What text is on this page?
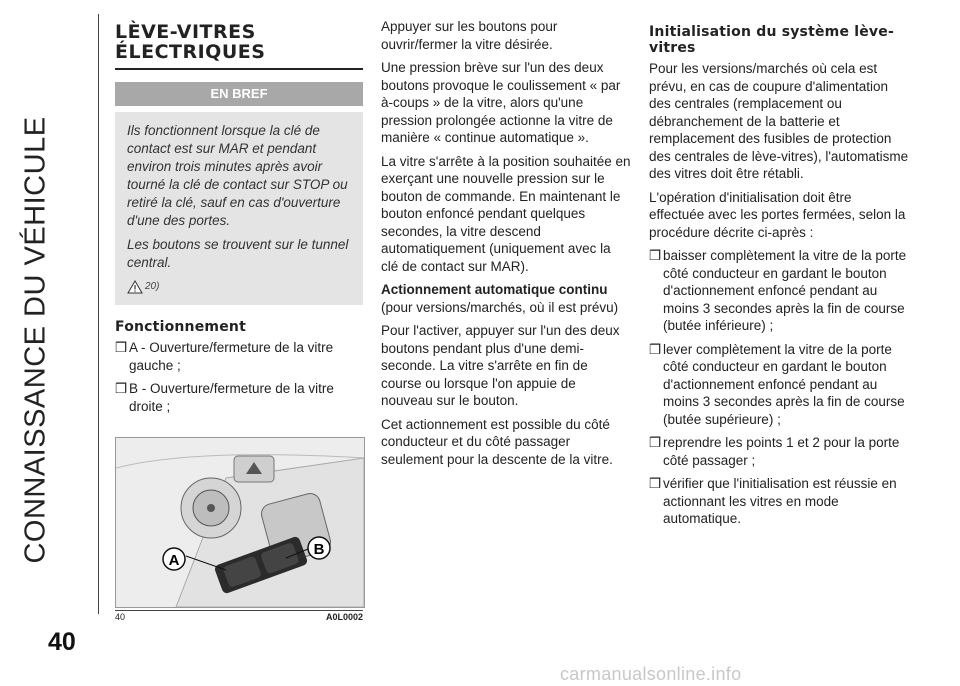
CONNAISSANCE DU VÉHICULE
40
LÈVE-VITRES
ÉLECTRIQUES
EN BREF

Ils fonctionnent lorsque la clé de contact est sur MAR et pendant environ trois minutes après avoir tourné la clé de contact sur STOP ou retiré la clé, sauf en cas d'ouverture d'une des portes.

Les boutons se trouvent sur le tunnel central.

20)
Fonctionnement
❒ A - Ouverture/fermeture de la vitre gauche ;
❒ B - Ouverture/fermeture de la vitre droite ;
A
B
40	A0L0002

Appuyer sur les boutons pour ouvrir/fermer la vitre désirée.

Une pression brève sur l'un des deux boutons provoque le coulissement « par à-coups » de la vitre, alors qu'une pression prolongée actionne la vitre de manière « continue automatique ».

La vitre s'arrête à la position souhaitée en exerçant une nouvelle pression sur le bouton de commande. En maintenant le bouton enfoncé pendant quelques secondes, la vitre descend automatiquement (uniquement avec la clé de contact sur MAR).

Actionnement automatique continu
(pour versions/marchés, où il est prévu)

Pour l'activer, appuyer sur l'un des deux boutons pendant plus d'une demi-seconde. La vitre s'arrête en fin de course ou lorsque l'on appuie de nouveau sur le bouton.

Cet actionnement est possible du côté conducteur et du côté passager seulement pour la descente de la vitre.

Initialisation du système lève-vitres

Pour les versions/marchés où cela est prévu, en cas de coupure d'alimentation des centrales (remplacement ou débranchement de la batterie et remplacement des fusibles de protection des centrales de lève-vitres), l'automatisme des vitres doit être rétabli.

L'opération d'initialisation doit être effectuée avec les portes fermées, selon la procédure décrite ci-après :

❒ baisser complètement la vitre de la porte côté conducteur en gardant le bouton d'actionnement enfoncé pendant au moins 3 secondes après la fin de course (butée inférieure) ;
❒ lever complètement la vitre de la porte côté conducteur en gardant le bouton d'actionnement enfoncé pendant au moins 3 secondes après la fin de course (butée supérieure) ;
❒ reprendre les points 1 et 2 pour la porte côté passager ;
❒ vérifier que l'initialisation est réussie en actionnant les vitres en mode automatique.
carmanualsonline.info
